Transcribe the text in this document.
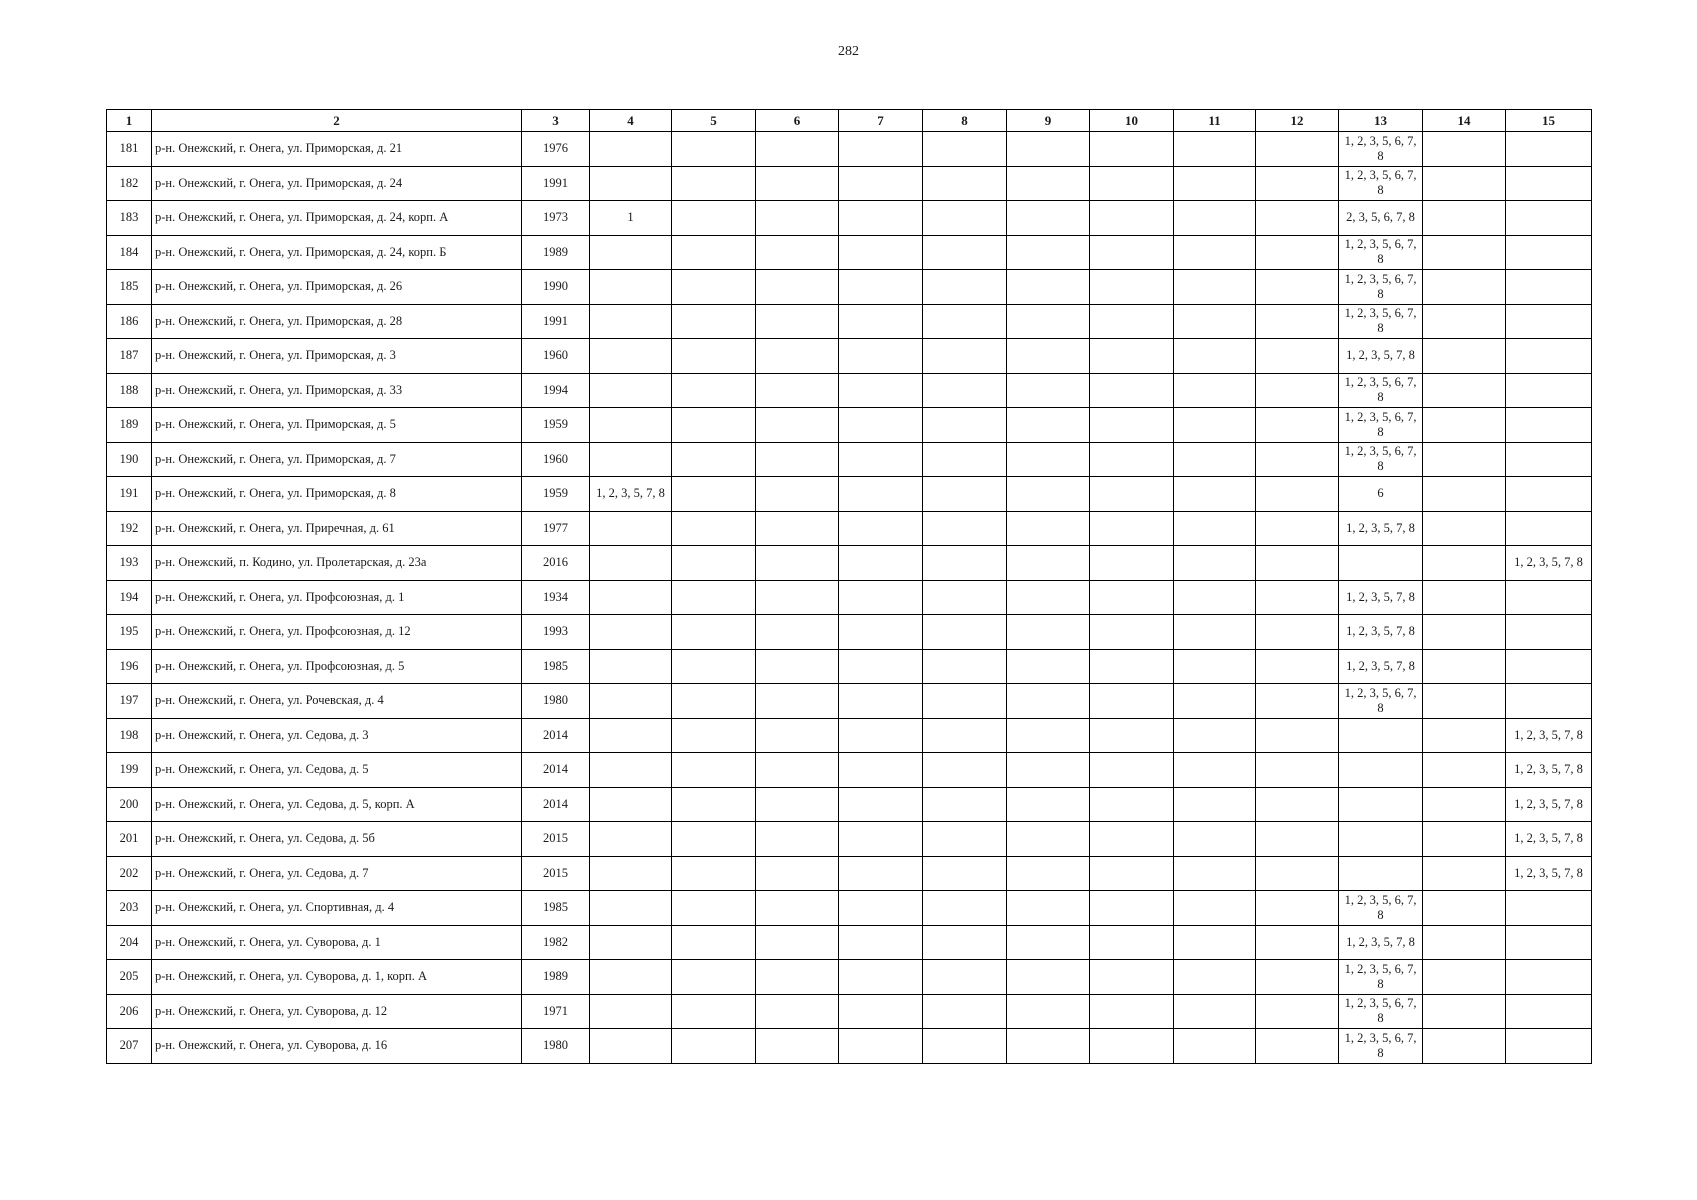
282
1	2	3	4	5	6	7	8	9	10	11	12	13	14	15
181	р-н. Онежский, г. Онега, ул. Приморская, д. 21	1976										1, 2, 3, 5, 6, 7, 8		
182	р-н. Онежский, г. Онега, ул. Приморская, д. 24	1991										1, 2, 3, 5, 6, 7, 8		
183	р-н. Онежский, г. Онега, ул. Приморская, д. 24, корп. А	1973	1									2, 3, 5, 6, 7, 8		
184	р-н. Онежский, г. Онега, ул. Приморская, д. 24, корп. Б	1989										1, 2, 3, 5, 6, 7, 8		
185	р-н. Онежский, г. Онега, ул. Приморская, д. 26	1990										1, 2, 3, 5, 6, 7, 8		
186	р-н. Онежский, г. Онега, ул. Приморская, д. 28	1991										1, 2, 3, 5, 6, 7, 8		
187	р-н. Онежский, г. Онега, ул. Приморская, д. 3	1960										1, 2, 3, 5, 7, 8		
188	р-н. Онежский, г. Онега, ул. Приморская, д. 33	1994										1, 2, 3, 5, 6, 7, 8		
189	р-н. Онежский, г. Онега, ул. Приморская, д. 5	1959										1, 2, 3, 5, 6, 7, 8		
190	р-н. Онежский, г. Онега, ул. Приморская, д. 7	1960										1, 2, 3, 5, 6, 7, 8		
191	р-н. Онежский, г. Онега, ул. Приморская, д. 8	1959	1, 2, 3, 5, 7, 8									6		
192	р-н. Онежский, г. Онега, ул. Приречная, д. 61	1977										1, 2, 3, 5, 7, 8		
193	р-н. Онежский, п. Кодино, ул. Пролетарская, д. 23а	2016												1, 2, 3, 5, 7, 8
194	р-н. Онежский, г. Онега, ул. Профсоюзная, д. 1	1934										1, 2, 3, 5, 7, 8		
195	р-н. Онежский, г. Онега, ул. Профсоюзная, д. 12	1993										1, 2, 3, 5, 7, 8		
196	р-н. Онежский, г. Онега, ул. Профсоюзная, д. 5	1985										1, 2, 3, 5, 7, 8		
197	р-н. Онежский, г. Онега, ул. Рочевская, д. 4	1980										1, 2, 3, 5, 6, 7, 8		
198	р-н. Онежский, г. Онега, ул. Седова, д. 3	2014												1, 2, 3, 5, 7, 8
199	р-н. Онежский, г. Онега, ул. Седова, д. 5	2014												1, 2, 3, 5, 7, 8
200	р-н. Онежский, г. Онега, ул. Седова, д. 5, корп. А	2014												1, 2, 3, 5, 7, 8
201	р-н. Онежский, г. Онега, ул. Седова, д. 5б	2015												1, 2, 3, 5, 7, 8
202	р-н. Онежский, г. Онега, ул. Седова, д. 7	2015												1, 2, 3, 5, 7, 8
203	р-н. Онежский, г. Онега, ул. Спортивная, д. 4	1985										1, 2, 3, 5, 6, 7, 8		
204	р-н. Онежский, г. Онега, ул. Суворова, д. 1	1982										1, 2, 3, 5, 7, 8		
205	р-н. Онежский, г. Онега, ул. Суворова, д. 1, корп. А	1989										1, 2, 3, 5, 6, 7, 8		
206	р-н. Онежский, г. Онега, ул. Суворова, д. 12	1971										1, 2, 3, 5, 6, 7, 8		
207	р-н. Онежский, г. Онега, ул. Суворова, д. 16	1980										1, 2, 3, 5, 6, 7, 8		
